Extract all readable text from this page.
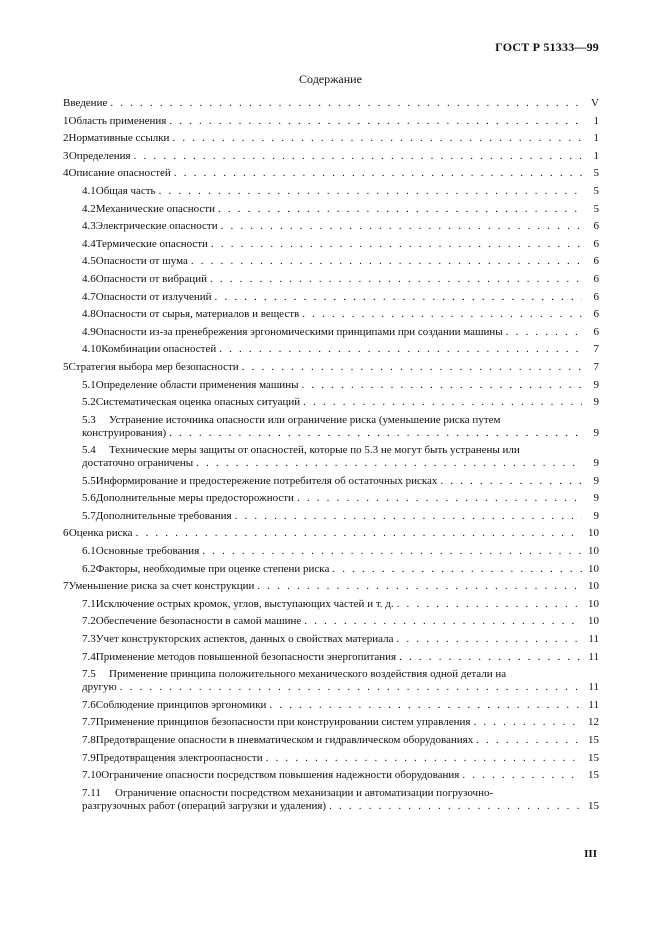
ГОСТ Р 51333—99
Содержание
Введение . . .	V
1 Область применения . . .	1
2 Нормативные ссылки . . .	1
3 Определения . . .	1
4 Описание опасностей . . .	5
4.1 Общая часть . . .	5
4.2 Механические опасности . . .	5
4.3 Электрические опасности . . .	6
4.4 Термические опасности . . .	6
4.5 Опасности от шума . . .	6
4.6 Опасности от вибраций . . .	6
4.7 Опасности от излучений . . .	6
4.8 Опасности от сырья, материалов и веществ . . .	6
4.9 Опасности из-за пренебрежения эргономическими принципами при создании машины . . .	6
4.10 Комбинации опасностей . . .	7
5 Стратегия выбора мер безопасности . . .	7
5.1 Определение области применения машины . . .	9
5.2 Систематическая оценка опасных ситуаций . . .	9
5.3 Устранение источника опасности или ограничение риска (уменьшение риска путем
конструирования) . . .	9
5.4 Технические меры защиты от опасностей, которые по 5.3 не могут быть устранены или
достаточно ограничены . . .	9
5.5 Информирование и предостережение потребителя об остаточных рисках . . .	9
5.6 Дополнительные меры предосторожности . . .	9
5.7 Дополнительные требования . . .	9
6 Оценка риска . . .	10
6.1 Основные требования . . .	10
6.2 Факторы, необходимые при оценке степени риска . . .	10
7 Уменьшение риска за счет конструкции . . .	10
7.1 Исключение острых кромок, углов, выступающих частей и т. д. . . .	10
7.2 Обеспечение безопасности в самой машине . . .	10
7.3 Учет конструкторских аспектов, данных о свойствах материала . . .	11
7.4 Применение методов повышенной безопасности энергопитания . . .	11
7.5 Применение принципа положительного механического воздействия одной детали на
другую . . .	11
7.6 Соблюдение принципов эргономики . . .	11
7.7 Применение принципов безопасности при конструировании систем управления . . .	12
7.8 Предотвращение опасности в пневматическом и гидравлическом оборудованиях . . .	15
7.9 Предотвращения электроопасности . . .	15
7.10 Ограничение опасности посредством повышения надежности оборудования . . .	15
7.11 Ограничение опасности посредством механизации и автоматизации погрузочно-
разгрузочных работ (операций загрузки и удаления) . . .	15
III
